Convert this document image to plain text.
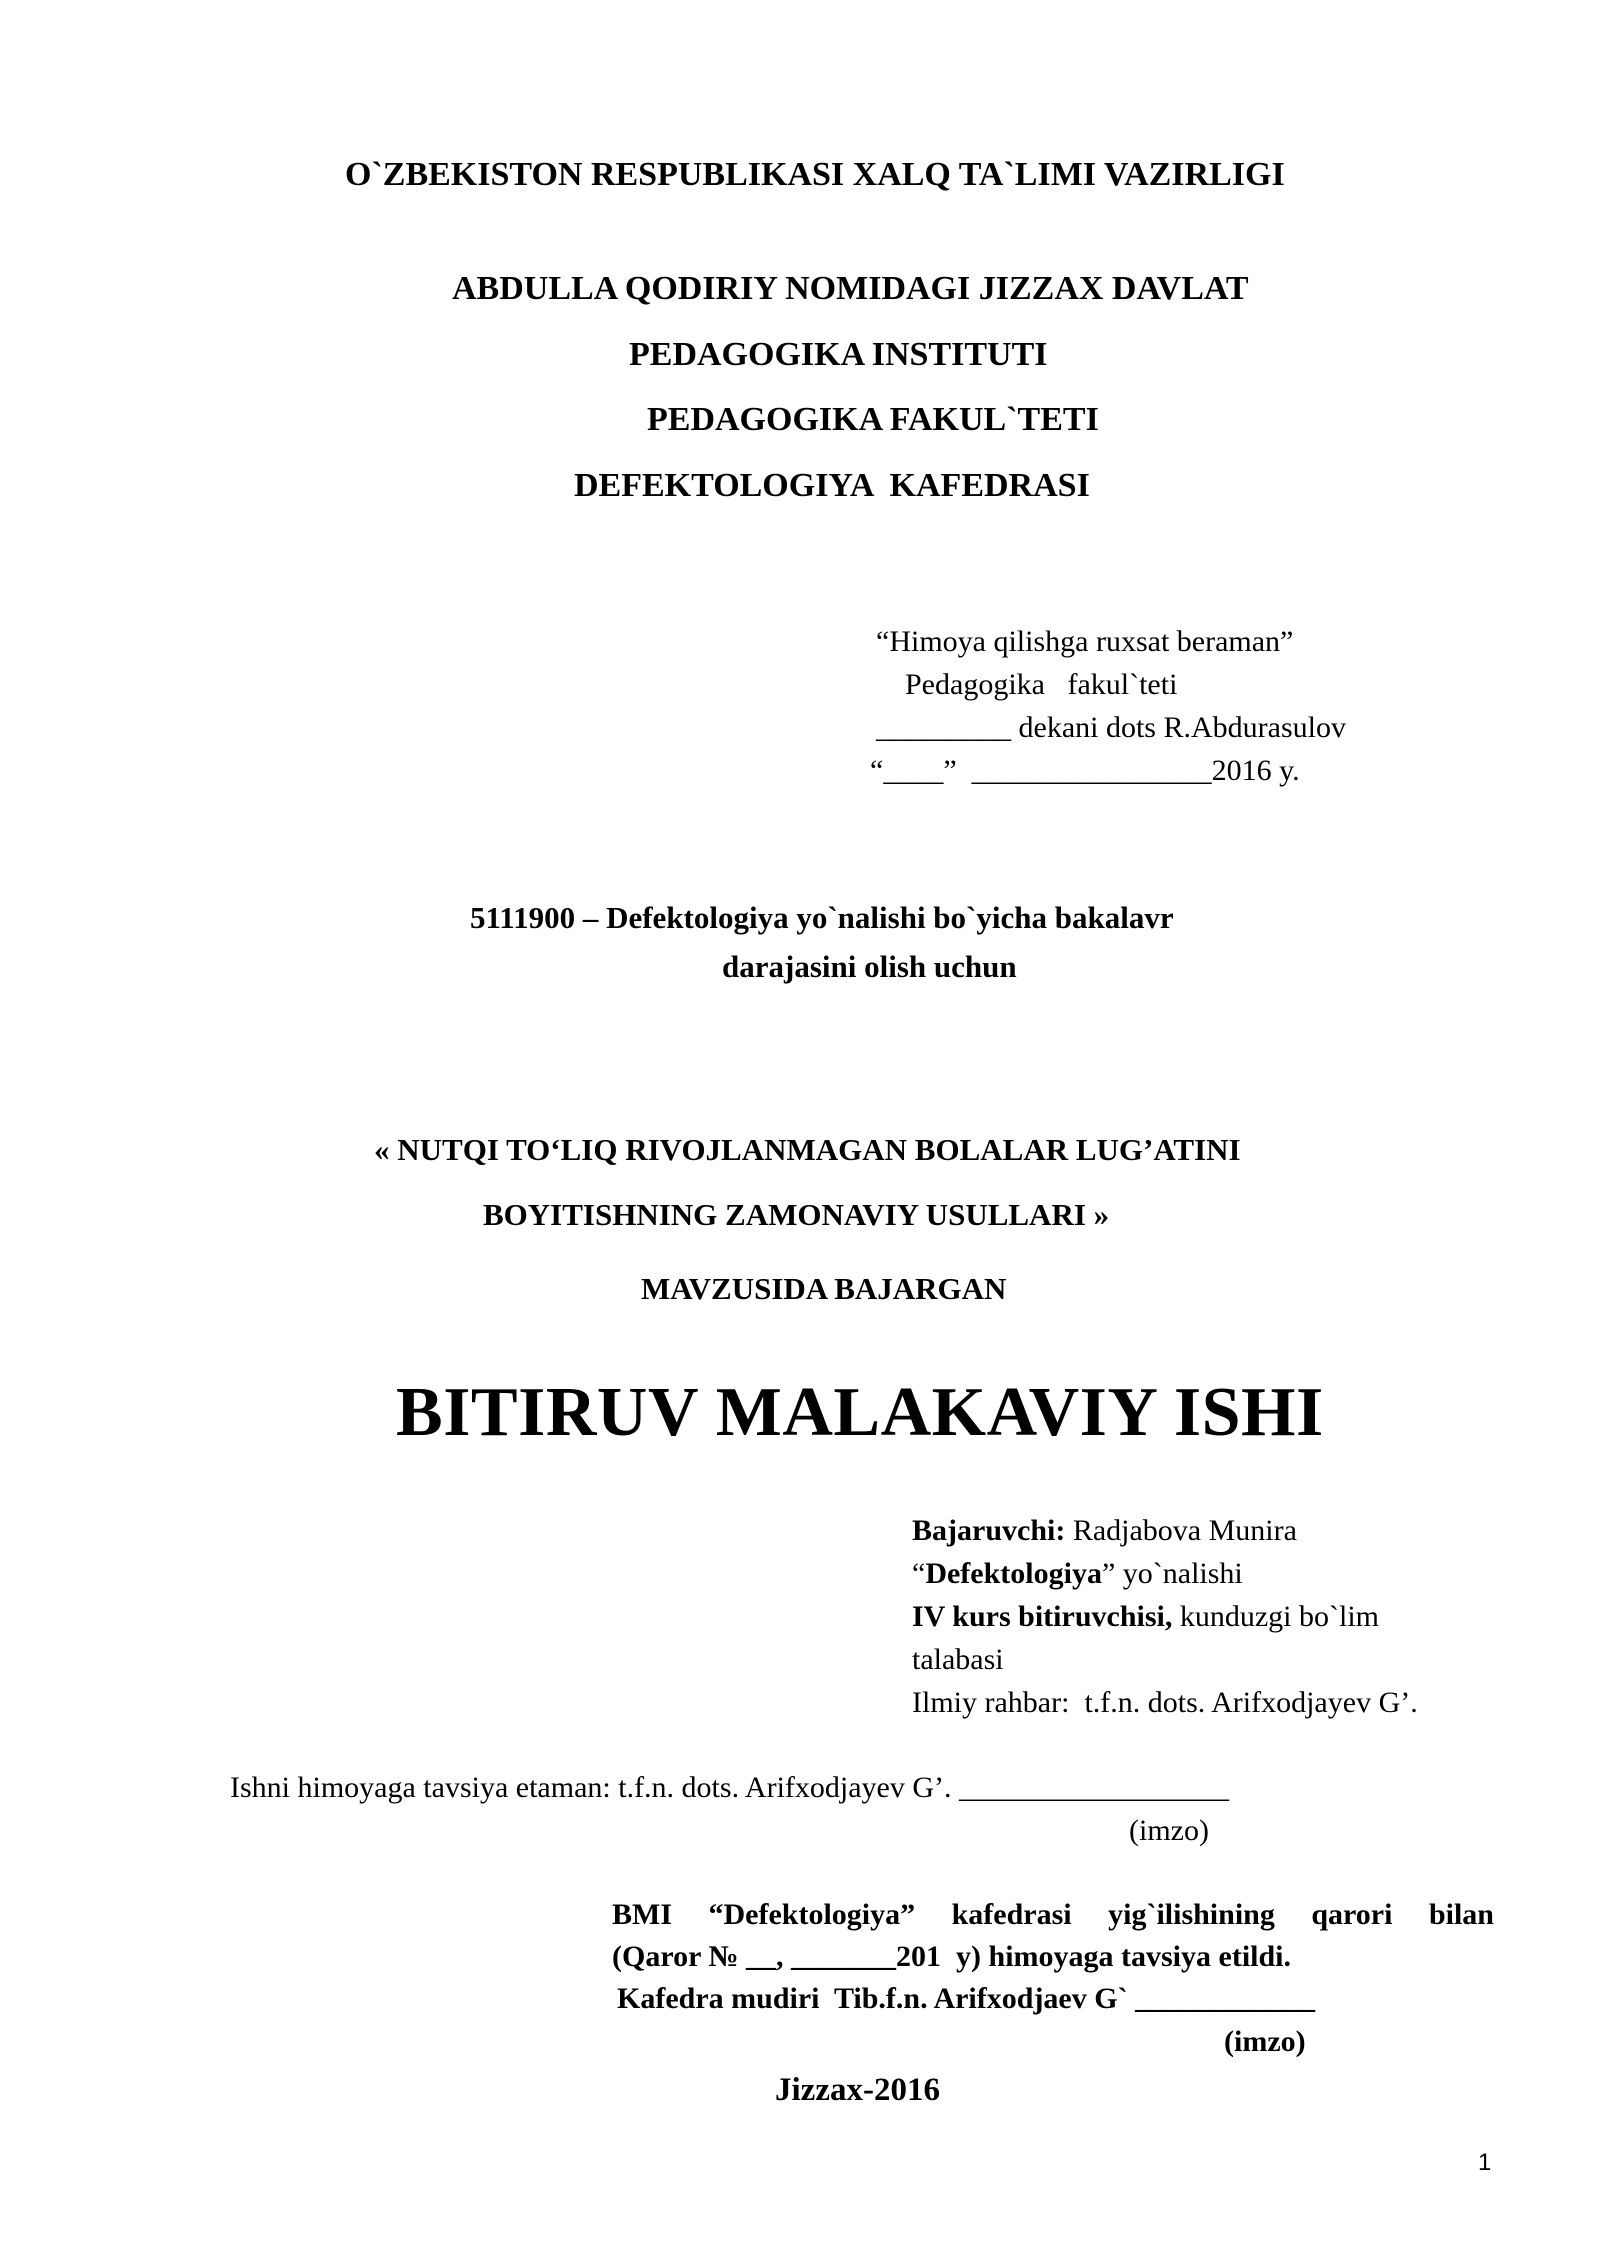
O`ZBEKISTON RESPUBLIKASI XALQ TA`LIMI VAZIRLIGI
ABDULLA QODIRIY NOMIDAGI JIZZAX DAVLAT
PEDAGOGIKA INSTITUTI
PEDAGOGIKA FAKUL`TETI
DEFEKTOLOGIYA  KAFEDRASI
“Himoya qilishga ruxsat beraman”
Pedagogika   fakul`teti
_________ dekani dots R.Abdurasulov
“____”  ________________2016 y.
5111900 – Defektologiya yo`nalishi bo`yicha bakalavr
darajasini olish uchun
« NUTQI TO‘LIQ RIVOJLANMAGAN BOLALAR LUG’ATINI
BOYITISHNING ZAMONAVIY USULLARI »
MAVZUSIDA BAJARGAN
BITIRUV MALAKAVIY ISHI
Bajaruvchi: Radjabova Munira
“Defektologiya” yo`nalishi
IV kurs bitiruvchisi, kunduzgi bo`lim
talabasi
Ilmiy rahbar:  t.f.n. dots. Arifxodjayev G’.
Ishni himoyaga tavsiya etaman: t.f.n. dots. Arifxodjayev G’. __________________
(imzo)
BMI “Defektologiya” kafedrasi yig`ilishining qarori bilan
(Qaror № __, _______201  y) himoyaga tavsiya etildi.
Kafedra mudiri  Tib.f.n. Arifxodjaev G` ____________
(imzo)
Jizzax-2016
1
